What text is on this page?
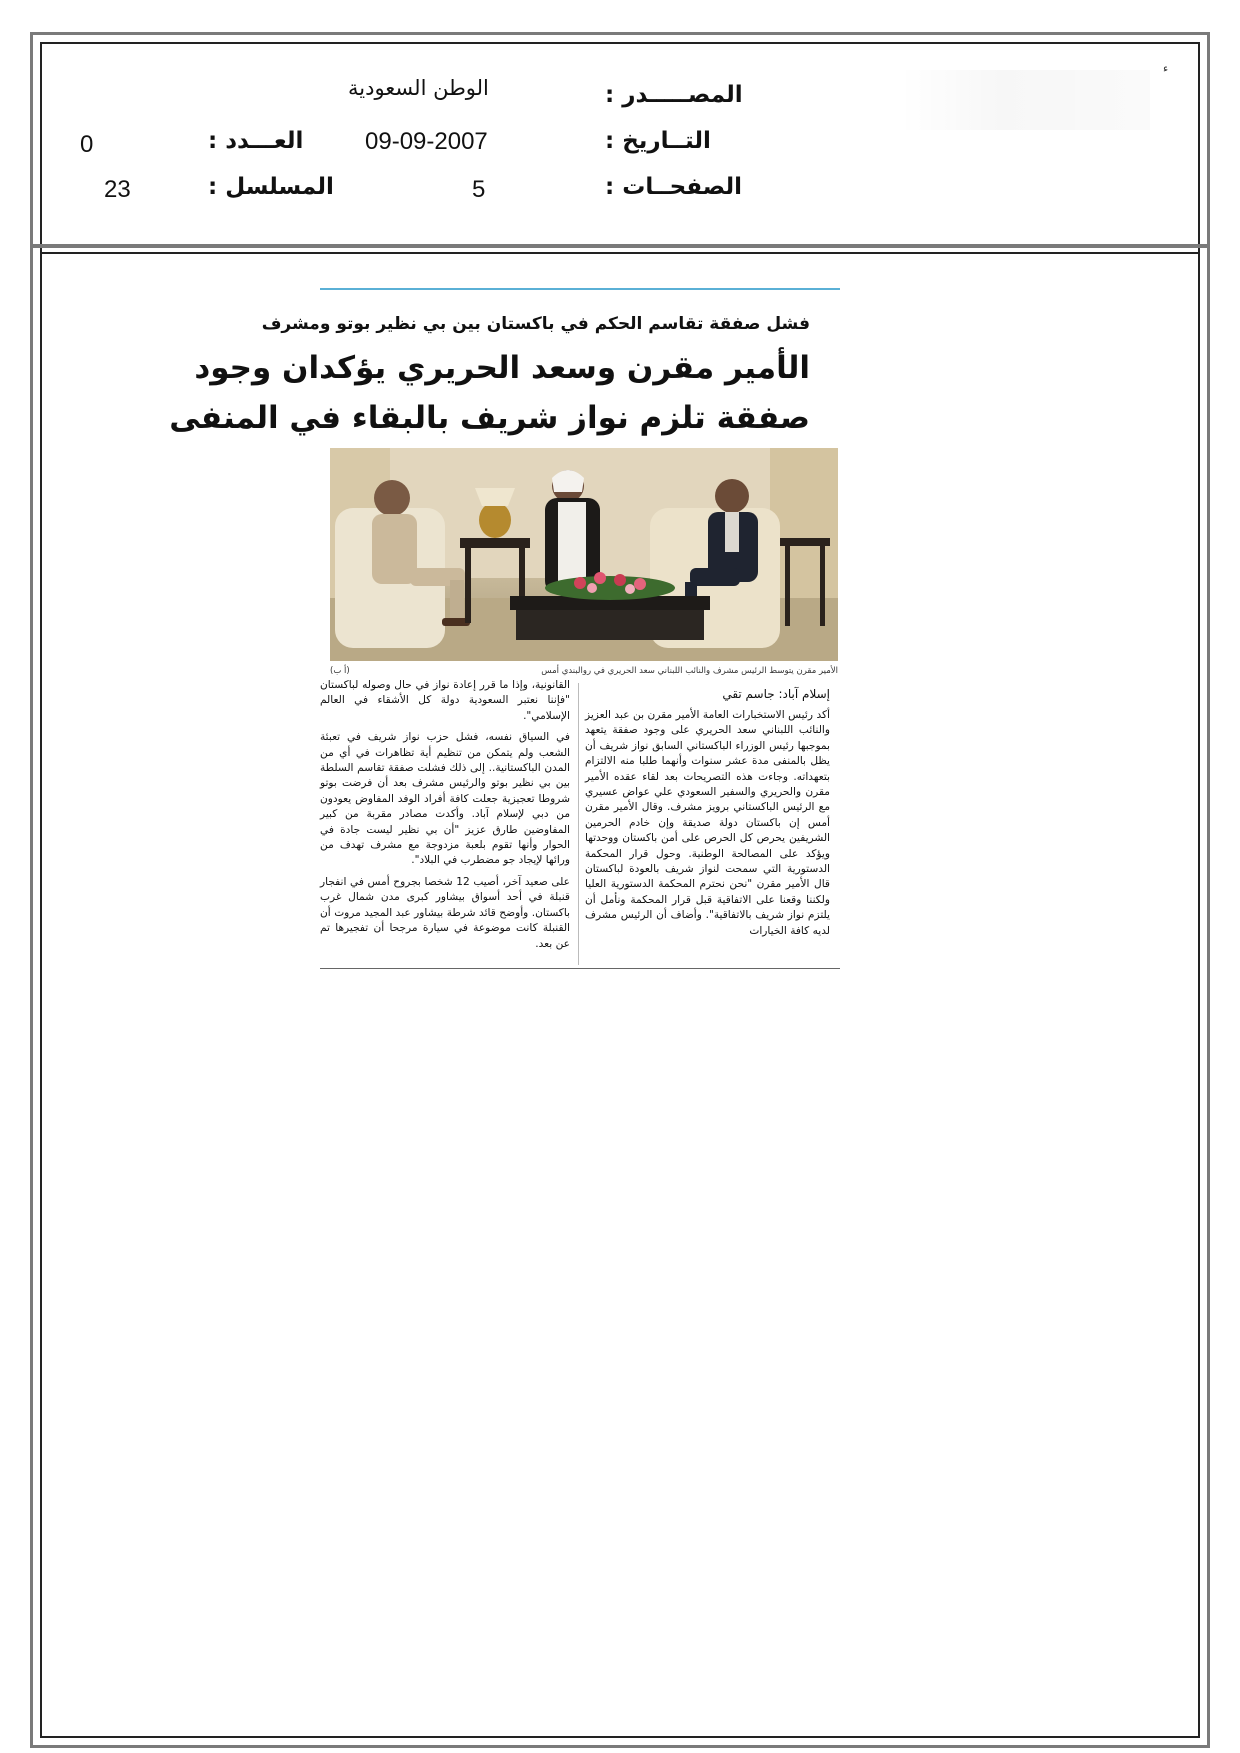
ء
المصـــــدر :
الوطن السعودية
التــاريخ :
09-09-2007
الصفحــات :
5
العـــدد :
0
المسلسل :
23
فشل صفقة تقاسم الحكم في باكستان بين بي نظير بوتو ومشرف
الأمير مقرن وسعد الحريري يؤكدان وجود
صفقة تلزم نواز شريف بالبقاء في المنفى
الأمير مقرن يتوسط الرئيس مشرف والنائب اللبناني سعد الحريري في روالبندي أمس
(أ ب)
إسلام آباد: جاسم تقي

أكد رئيس الاستخبارات العامة الأمير مقرن بن عبد العزيز والنائب اللبناني سعد الحريري على وجود صفقة يتعهد بموجبها رئيس الوزراء الباكستاني السابق نواز شريف أن يظل بالمنفى مدة عشر سنوات وأنهما طلبا منه الالتزام بتعهداته. وجاءت هذه التصريحات بعد لقاء عقده الأمير مقرن والحريري والسفير السعودي علي عواض عسيري مع الرئيس الباكستاني برويز مشرف. وقال الأمير مقرن أمس إن باكستان دولة صديقة وإن خادم الحرمين الشريفين يحرص كل الحرص على أمن باكستان ووحدتها ويؤكد على المصالحة الوطنية. وحول قرار المحكمة الدستورية التي سمحت لنواز شريف بالعودة لباكستان قال الأمير مقرن "نحن نحترم المحكمة الدستورية العليا ولكننا وقعنا على الاتفاقية قبل قرار المحكمة ونأمل أن يلتزم نواز شريف بالاتفاقية". وأضاف أن الرئيس مشرف لديه كافة الخيارات

القانونية، وإذا ما قرر إعادة نواز في حال وصوله لباكستان "فإننا نعتبر السعودية دولة كل الأشقاء في العالم الإسلامي".

في السياق نفسه، فشل حزب نواز شريف في تعبئة الشعب ولم يتمكن من تنظيم أية تظاهرات في أي من المدن الباكستانية.. إلى ذلك فشلت صفقة تقاسم السلطة بين بي نظير بوتو والرئيس مشرف بعد أن فرضت بوتو شروطا تعجيزية جعلت كافة أفراد الوفد المفاوض يعودون من دبي لإسلام آباد. وأكدت مصادر مقربة من كبير المفاوضين طارق عزيز "أن بي نظير ليست جادة في الحوار وأنها تقوم بلعبة مزدوجة مع مشرف تهدف من ورائها لإيجاد جو مضطرب في البلاد".

على صعيد آخر، أصيب 12 شخصا بجروح أمس في انفجار قنبلة في أحد أسواق بيشاور كبرى مدن شمال غرب باكستان. وأوضح قائد شرطة بيشاور عبد المجيد مروت أن القنبلة كانت موضوعة في سيارة مرجحا أن تفجيرها تم عن بعد.
